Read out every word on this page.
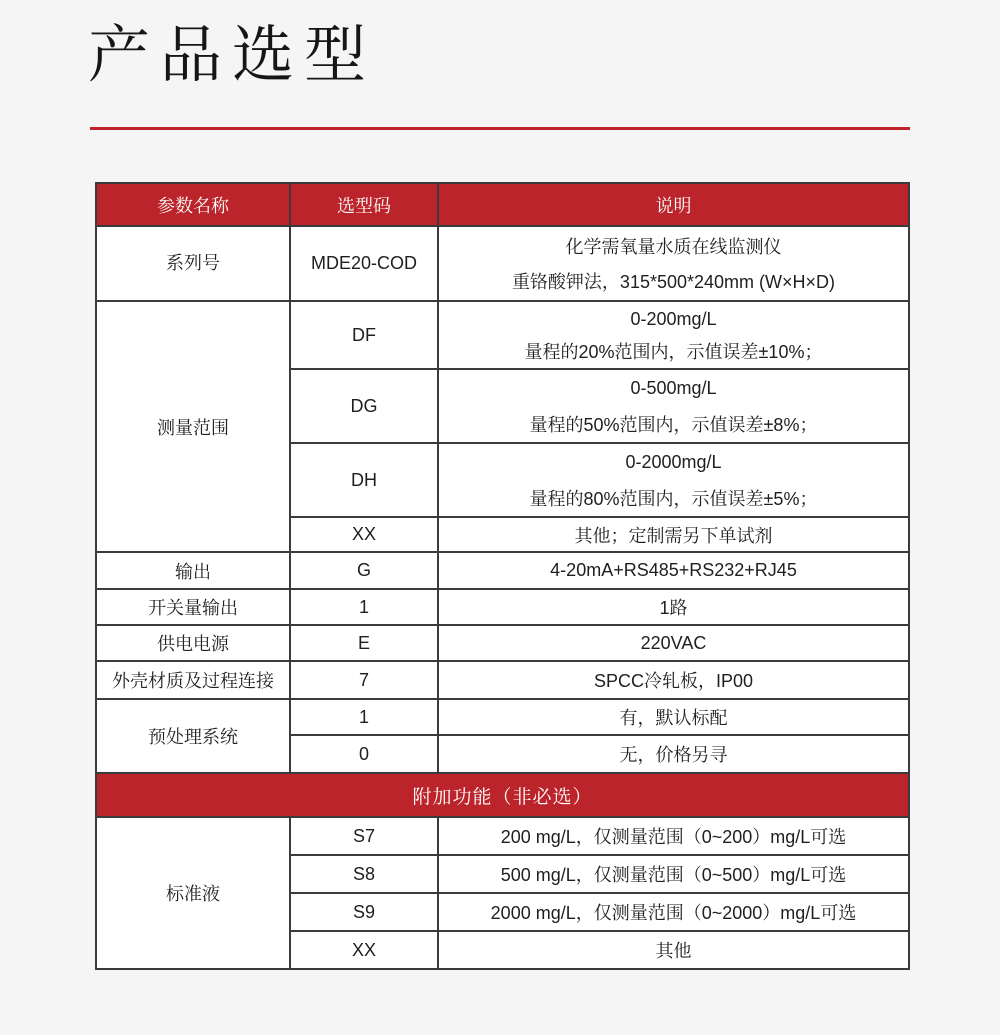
产品选型
参数名称	选型码	说明
系列号	MDE20-COD	化学需氧量水质在线监测仪
重铬酸钾法，315*500*240mm (W×H×D)

测量范围	DF	0-200mg/L
量程的20%范围内，示值误差±10%；

	DG	0-500mg/L
量程的50%范围内，示值误差±8%；

	DH	0-2000mg/L
量程的80%范围内，示值误差±5%；

	XX	其他；定制需另下单试剂
输出	G	4-20mA+RS485+RS232+RJ45
开关量输出	1	1路
供电电源	E	220VAC
外壳材质及过程连接	7	SPCC冷轧板，IP00
预处理系统	1	有，默认标配
	0	无，价格另寻
附加功能（非必选）		
标准液	S7	200 mg/L，仅测量范围（0~200）mg/L可选
	S8	500 mg/L，仅测量范围（0~500）mg/L可选
	S9	2000 mg/L，仅测量范围（0~2000）mg/L可选
	XX	其他
